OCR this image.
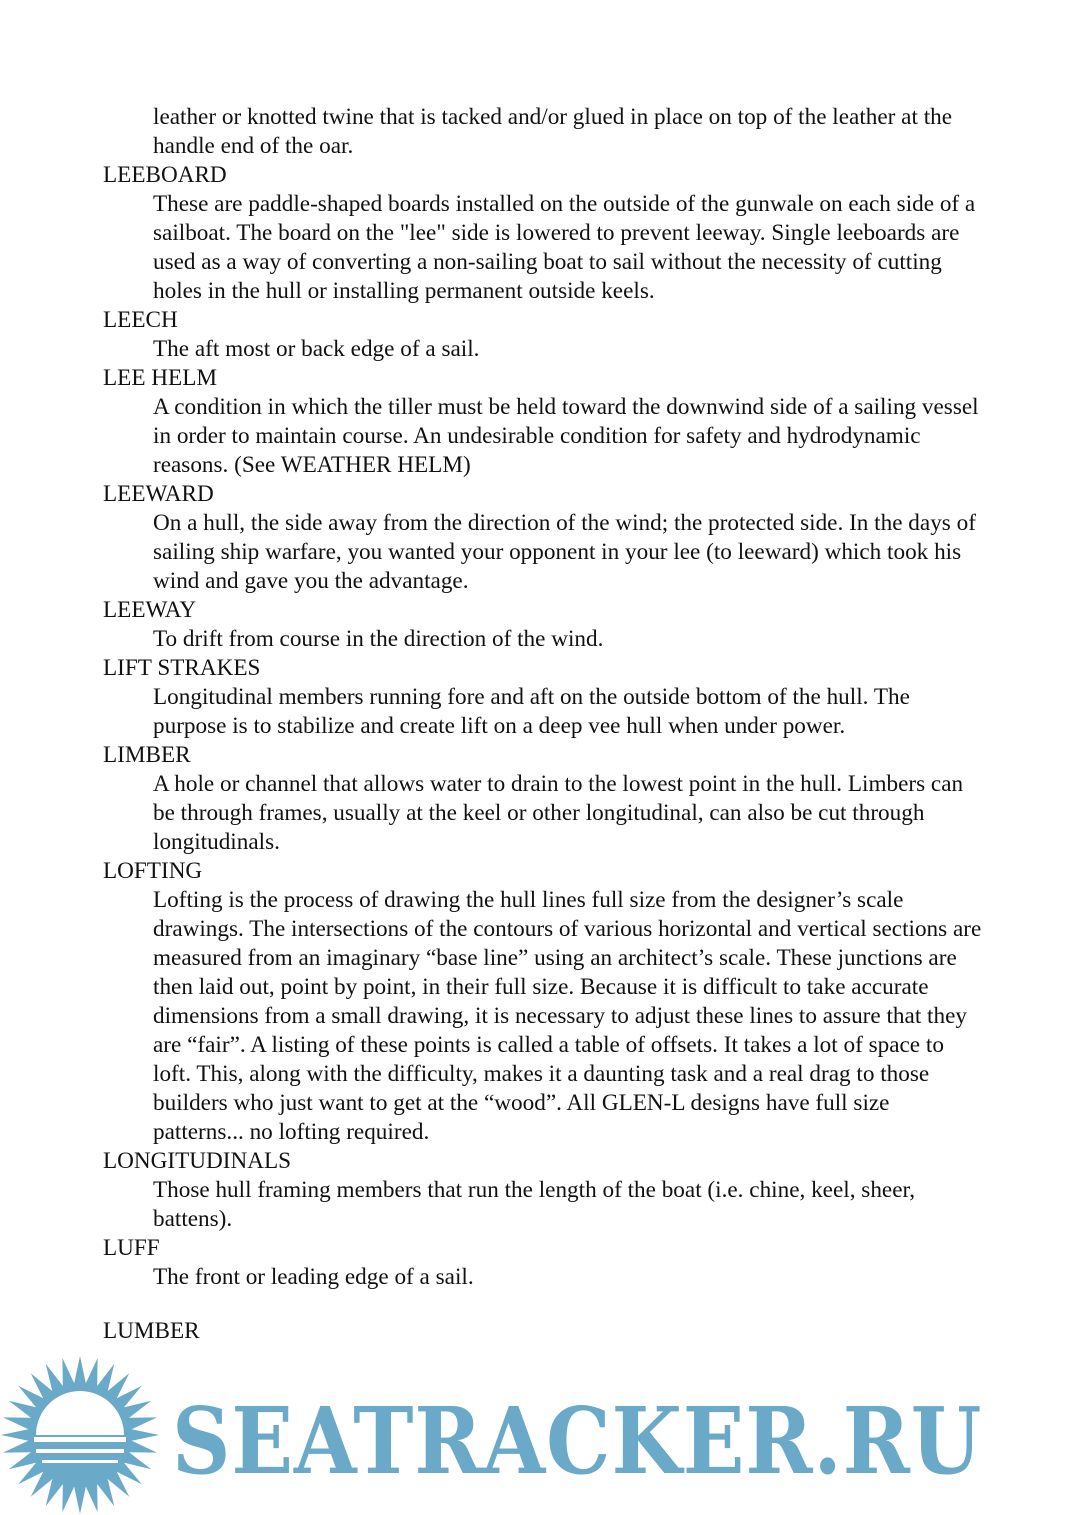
leather or knotted twine that is tacked and/or glued in place on top of the leather at the handle end of the oar.

LEEBOARD

These are paddle-shaped boards installed on the outside of the gunwale on each side of a sailboat. The board on the "lee" side is lowered to prevent leeway. Single leeboards are used as a way of converting a non-sailing boat to sail without the necessity of cutting holes in the hull or installing permanent outside keels.

LEECH

The aft most or back edge of a sail.

LEE HELM

A condition in which the tiller must be held toward the downwind side of a sailing vessel in order to maintain course. An undesirable condition for safety and hydrodynamic reasons. (See WEATHER HELM)

LEEWARD

On a hull, the side away from the direction of the wind; the protected side. In the days of sailing ship warfare, you wanted your opponent in your lee (to leeward) which took his wind and gave you the advantage.

LEEWAY

To drift from course in the direction of the wind.

LIFT STRAKES

Longitudinal members running fore and aft on the outside bottom of the hull. The purpose is to stabilize and create lift on a deep vee hull when under power.

LIMBER

A hole or channel that allows water to drain to the lowest point in the hull. Limbers can be through frames, usually at the keel or other longitudinal, can also be cut through longitudinals.

LOFTING

Lofting is the process of drawing the hull lines full size from the designer’s scale drawings. The intersections of the contours of various horizontal and vertical sections are measured from an imaginary “base line” using an architect’s scale. These junctions are then laid out, point by point, in their full size. Because it is difficult to take accurate dimensions from a small drawing, it is necessary to adjust these lines to assure that they are “fair”. A listing of these points is called a table of offsets. It takes a lot of space to loft. This, along with the difficulty, makes it a daunting task and a real drag to those builders who just want to get at the “wood”. All GLEN-L designs have full size patterns... no lofting required.

LONGITUDINALS

Those hull framing members that run the length of the boat (i.e. chine, keel, sheer, battens).

LUFF

The front or leading edge of a sail.

LUMBER

SEATRACKER.RU
